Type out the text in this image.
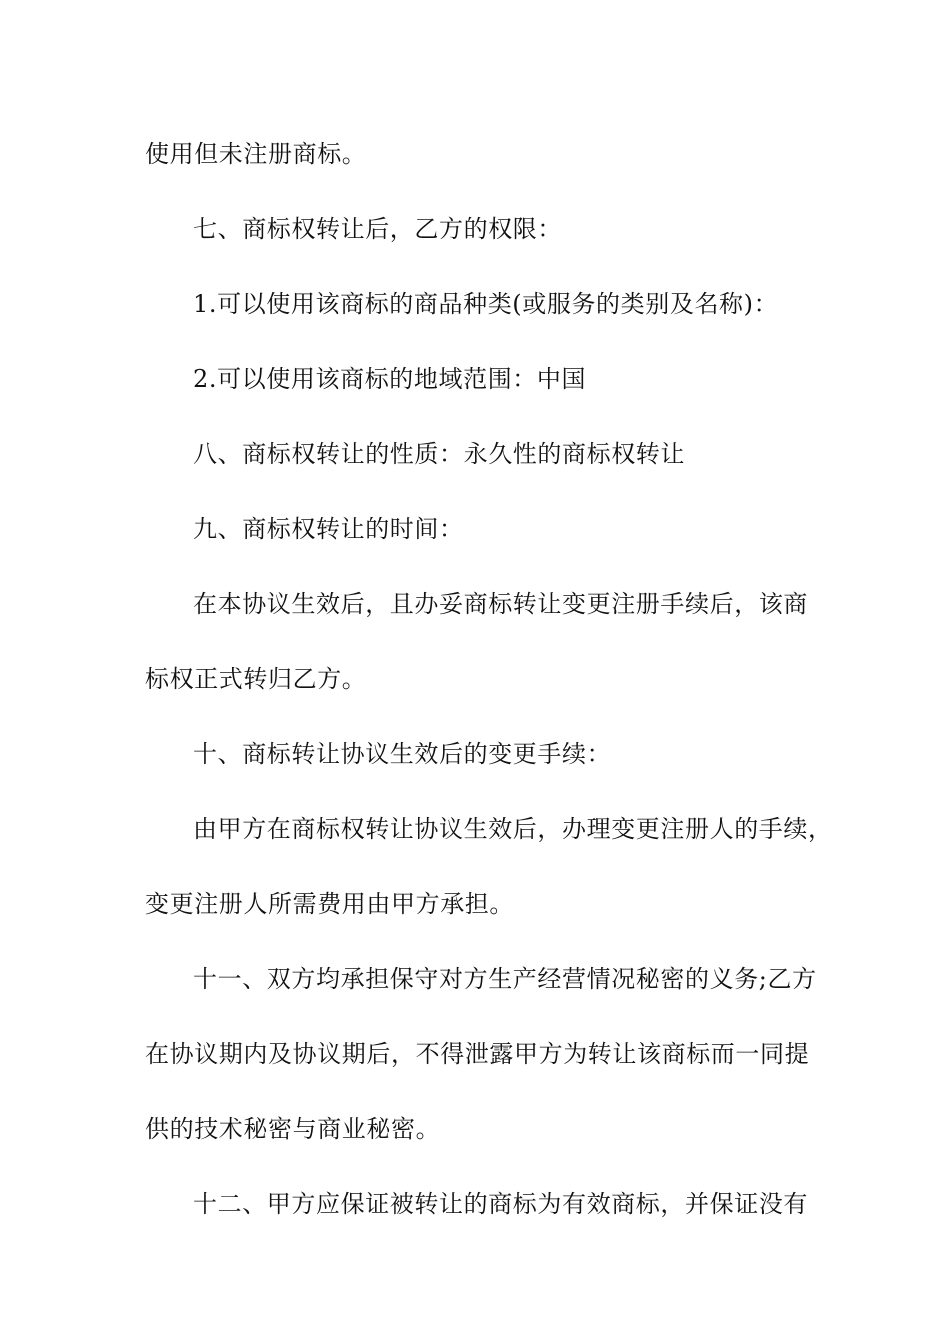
使用但未注册商标。

七、商标权转让后，乙方的权限：

1.可以使用该商标的商品种类(或服务的类别及名称)：

2.可以使用该商标的地域范围：中国

八、商标权转让的性质：永久性的商标权转让

九、商标权转让的时间：

在本协议生效后，且办妥商标转让变更注册手续后，该商

标权正式转归乙方。

十、商标转让协议生效后的变更手续：

由甲方在商标权转让协议生效后，办理变更注册人的手续，

变更注册人所需费用由甲方承担。

十一、双方均承担保守对方生产经营情况秘密的义务;乙方

在协议期内及协议期后，不得泄露甲方为转让该商标而一同提

供的技术秘密与商业秘密。

十二、甲方应保证被转让的商标为有效商标，并保证没有
